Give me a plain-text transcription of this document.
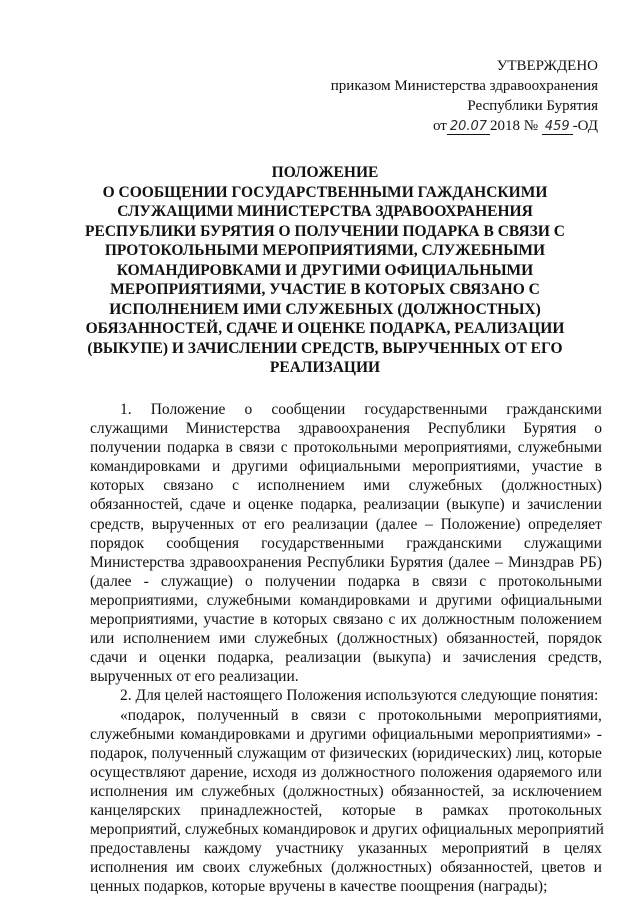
УТВЕРЖДЕНО
приказом Министерства здравоохранения
Республики Бурятия
от 20.07 2018 № 459 -ОД
ПОЛОЖЕНИЕ
О СООБЩЕНИИ ГОСУДАРСТВЕННЫМИ ГАЖДАНСКИМИ
СЛУЖАЩИМИ МИНИСТЕРСТВА ЗДРАВООХРАНЕНИЯ
РЕСПУБЛИКИ БУРЯТИЯ О ПОЛУЧЕНИИ ПОДАРКА В СВЯЗИ С
ПРОТОКОЛЬНЫМИ МЕРОПРИЯТИЯМИ, СЛУЖЕБНЫМИ
КОМАНДИРОВКАМИ И ДРУГИМИ ОФИЦИАЛЬНЫМИ
МЕРОПРИЯТИЯМИ, УЧАСТИЕ В КОТОРЫХ СВЯЗАНО С
ИСПОЛНЕНИЕМ ИМИ СЛУЖЕБНЫХ (ДОЛЖНОСТНЫХ)
ОБЯЗАННОСТЕЙ, СДАЧЕ И ОЦЕНКЕ ПОДАРКА, РЕАЛИЗАЦИИ
(ВЫКУПЕ) И ЗАЧИСЛЕНИИ СРЕДСТВ, ВЫРУЧЕННЫХ ОТ ЕГО
РЕАЛИЗАЦИИ
1. Положение о сообщении государственными гражданскими
служащими Министерства здравоохранения Республики Бурятия о
получении подарка в связи с протокольными мероприятиями, служебными
командировками и другими официальными мероприятиями, участие в
которых связано с исполнением ими служебных (должностных)
обязанностей, сдаче и оценке подарка, реализации (выкупе) и зачислении
средств, вырученных от его реализации (далее – Положение) определяет
порядок сообщения государственными гражданскими служащими
Министерства здравоохранения Республики Бурятия (далее – Минздрав РБ)
(далее - служащие) о получении подарка в связи с протокольными
мероприятиями, служебными командировками и другими официальными
мероприятиями, участие в которых связано с их должностным положением
или исполнением ими служебных (должностных) обязанностей, порядок
сдачи и оценки подарка, реализации (выкупа) и зачисления средств,
вырученных от его реализации.
2. Для целей настоящего Положения используются следующие понятия:
«подарок, полученный в связи с протокольными мероприятиями,
служебными командировками и другими официальными мероприятиями» -
подарок, полученный служащим от физических (юридических) лиц, которые
осуществляют дарение, исходя из должностного положения одаряемого или
исполнения им служебных (должностных) обязанностей, за исключением
канцелярских принадлежностей, которые в рамках протокольных
мероприятий, служебных командировок и других официальных мероприятий
предоставлены каждому участнику указанных мероприятий в целях
исполнения им своих служебных (должностных) обязанностей, цветов и
ценных подарков, которые вручены в качестве поощрения (награды);
